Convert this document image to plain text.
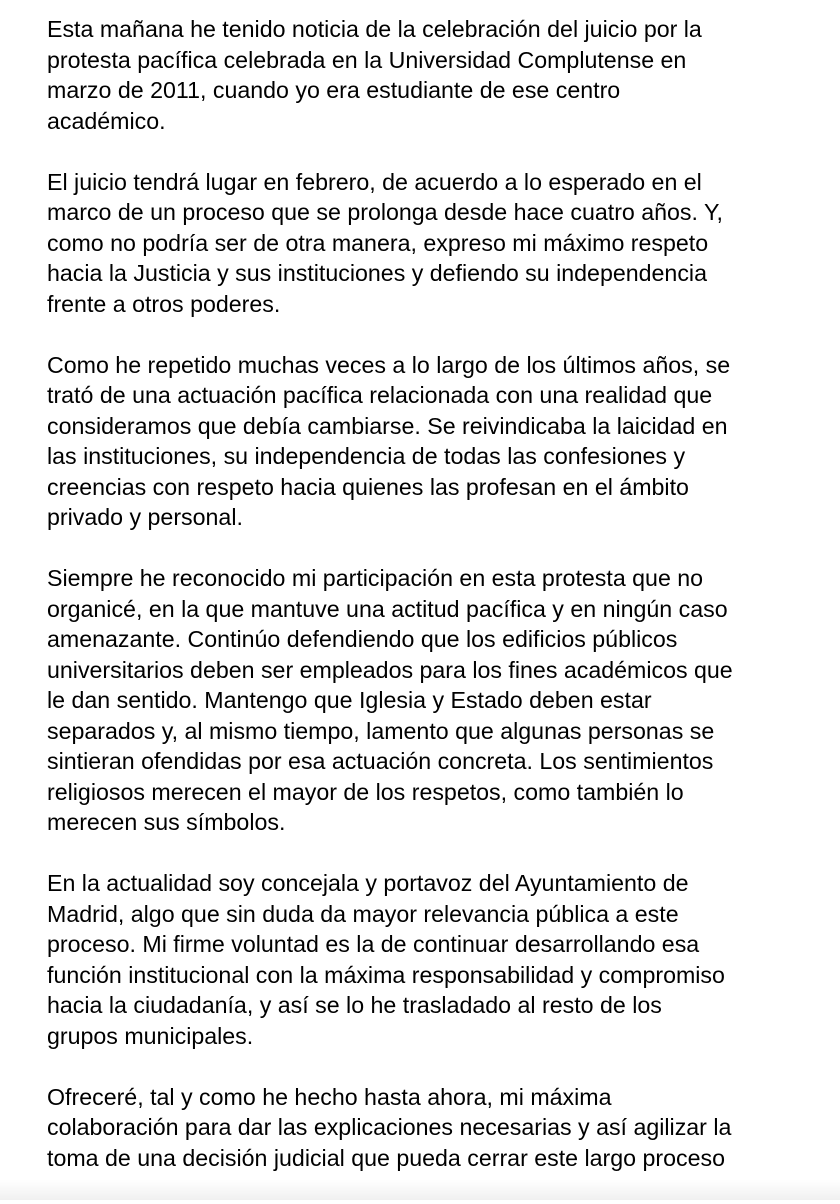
Esta mañana he tenido noticia de la celebración del juicio por la
protesta pacífica celebrada en la Universidad Complutense en
marzo de 2011, cuando yo era estudiante de ese centro
académico.

El juicio tendrá lugar en febrero, de acuerdo a lo esperado en el
marco de un proceso que se prolonga desde hace cuatro años. Y,
como no podría ser de otra manera, expreso mi máximo respeto
hacia la Justicia y sus instituciones y defiendo su independencia
frente a otros poderes.

Como he repetido muchas veces a lo largo de los últimos años, se
trató de una actuación pacífica relacionada con una realidad que
consideramos que debía cambiarse. Se reivindicaba la laicidad en
las instituciones, su independencia de todas las confesiones y
creencias con respeto hacia quienes las profesan en el ámbito
privado y personal.

Siempre he reconocido mi participación en esta protesta que no
organicé, en la que mantuve una actitud pacífica y en ningún caso
amenazante. Continúo defendiendo que los edificios públicos
universitarios deben ser empleados para los fines académicos que
le dan sentido. Mantengo que Iglesia y Estado deben estar
separados y, al mismo tiempo, lamento que algunas personas se
sintieran ofendidas por esa actuación concreta. Los sentimientos
religiosos merecen el mayor de los respetos, como también lo
merecen sus símbolos.

En la actualidad soy concejala y portavoz del Ayuntamiento de
Madrid, algo que sin duda da mayor relevancia pública a este
proceso. Mi firme voluntad es la de continuar desarrollando esa
función institucional con la máxima responsabilidad y compromiso
hacia la ciudadanía, y así se lo he trasladado al resto de los
grupos municipales.

Ofreceré, tal y como he hecho hasta ahora, mi máxima
colaboración para dar las explicaciones necesarias y así agilizar la
toma de una decisión judicial que pueda cerrar este largo proceso
